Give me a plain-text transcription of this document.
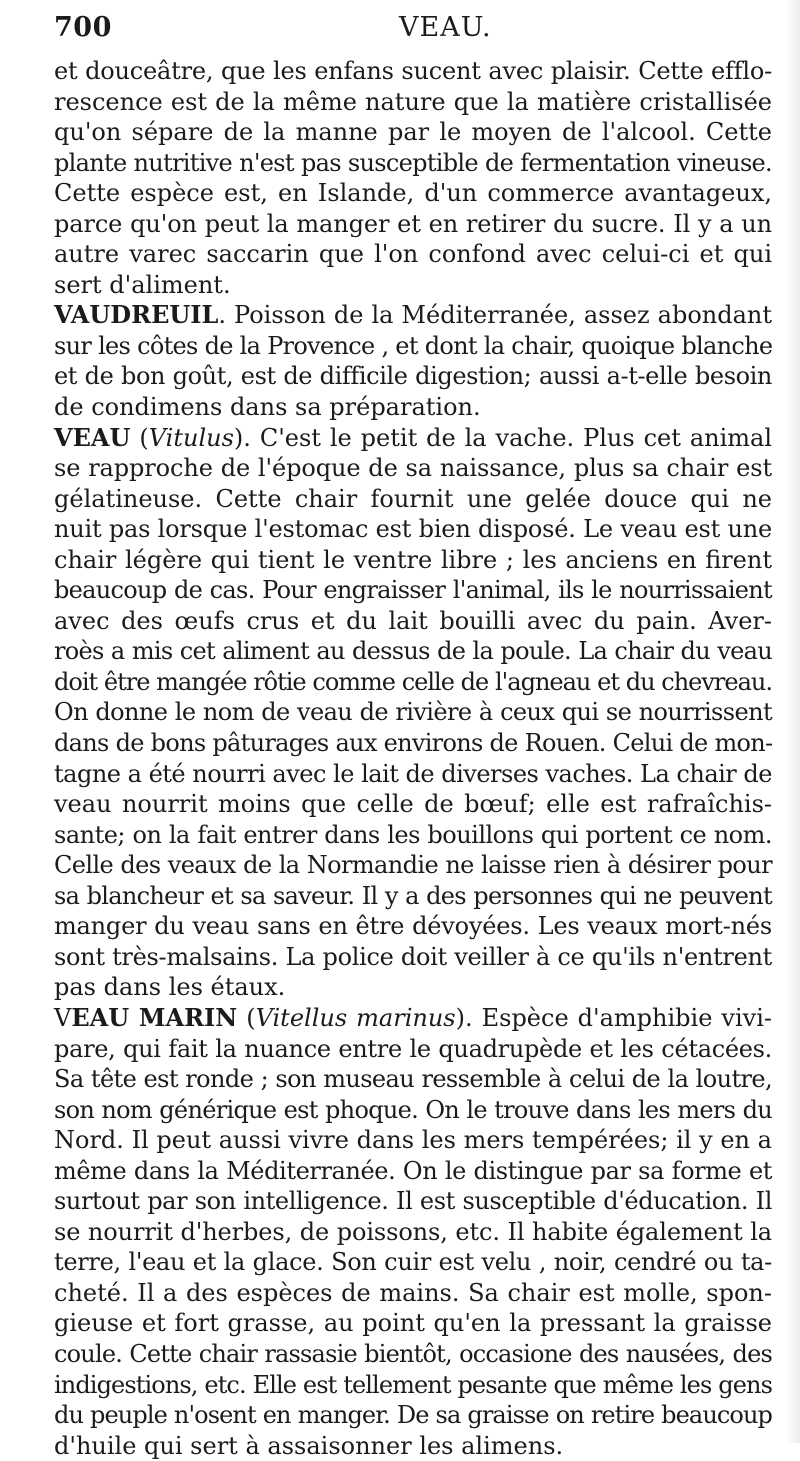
700	VEAU.
et douceâtre, que les enfans sucent avec plaisir. Cette efflo-
rescence est de la même nature que la matière cristallisée
qu'on sépare de la manne par le moyen de l'alcool. Cette
plante nutritive n'est pas susceptible de fermentation vineuse.
Cette espèce est, en Islande, d'un commerce avantageux,
parce qu'on peut la manger et en retirer du sucre. Il y a un
autre varec saccarin que l'on confond avec celui-ci et qui
sert d'aliment.
VAUDREUIL. Poisson de la Méditerranée, assez abondant
sur les côtes de la Provence , et dont la chair, quoique blanche
et de bon goût, est de difficile digestion; aussi a-t-elle besoin
de condimens dans sa préparation.
VEAU (Vitulus). C'est le petit de la vache. Plus cet animal
se rapproche de l'époque de sa naissance, plus sa chair est
gélatineuse. Cette chair fournit une gelée douce qui ne
nuit pas lorsque l'estomac est bien disposé. Le veau est une
chair légère qui tient le ventre libre ; les anciens en firent
beaucoup de cas. Pour engraisser l'animal, ils le nourrissaient
avec des œufs crus et du lait bouilli avec du pain. Aver-
roès a mis cet aliment au dessus de la poule. La chair du veau
doit être mangée rôtie comme celle de l'agneau et du chevreau.
On donne le nom de veau de rivière à ceux qui se nourrissent
dans de bons pâturages aux environs de Rouen. Celui de mon-
tagne a été nourri avec le lait de diverses vaches. La chair de
veau nourrit moins que celle de bœuf; elle est rafraîchis-
sante; on la fait entrer dans les bouillons qui portent ce nom.
Celle des veaux de la Normandie ne laisse rien à désirer pour
sa blancheur et sa saveur. Il y a des personnes qui ne peuvent
manger du veau sans en être dévoyées. Les veaux mort-nés
sont très-malsains. La police doit veiller à ce qu'ils n'entrent
pas dans les étaux.
VEAU MARIN (Vitellus marinus). Espèce d'amphibie vivi-
pare, qui fait la nuance entre le quadrupède et les cétacées.
Sa tête est ronde ; son museau ressemble à celui de la loutre,
son nom générique est phoque. On le trouve dans les mers du
Nord. Il peut aussi vivre dans les mers tempérées; il y en a
même dans la Méditerranée. On le distingue par sa forme et
surtout par son intelligence. Il est susceptible d'éducation. Il
se nourrit d'herbes, de poissons, etc. Il habite également la
terre, l'eau et la glace. Son cuir est velu , noir, cendré ou ta-
cheté. Il a des espèces de mains. Sa chair est molle, spon-
gieuse et fort grasse, au point qu'en la pressant la graisse
coule. Cette chair rassasie bientôt, occasione des nausées, des
indigestions, etc. Elle est tellement pesante que même les gens
du peuple n'osent en manger. De sa graisse on retire beaucoup
d'huile qui sert à assaisonner les alimens.
